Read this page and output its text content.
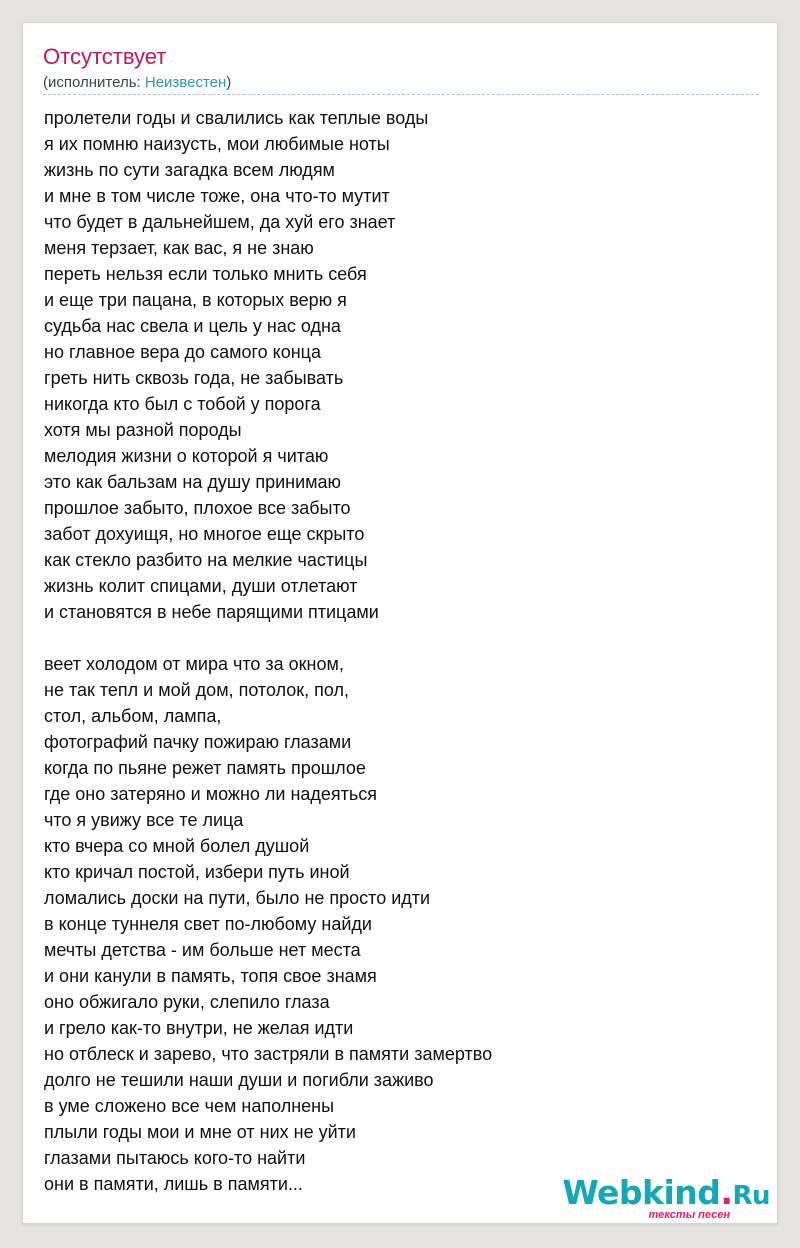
Отсутствует
(исполнитель: Неизвестен)
пролетели годы и свалились как теплые воды
я их помню наизусть, мои любимые ноты
жизнь по сути загадка всем людям
и мне в том числе тоже, она что-то мутит
что будет в дальнейшем, да хуй его знает
меня терзает, как вас, я не знаю
переть нельзя если только мнить себя
и еще три пацана, в которых верю я
судьба нас свела и цель у нас одна
но главное вера до самого конца
греть нить сквозь года, не забывать
никогда кто был с тобой у порога
хотя мы разной породы
мелодия жизни о которой я читаю
это как бальзам на душу принимаю
прошлое забыто, плохое все забыто
забот дохуищя, но многое еще скрыто
как стекло разбито на мелкие частицы
жизнь колит спицами, души отлетают
и становятся в небе парящими птицами
веет холодом от мира что за окном,
не так тепл и мой дом, потолок, пол,
стол, альбом, лампа,
фотографий пачку пожираю глазами
когда по пьяне режет память прошлое
где оно затеряно и можно ли надеяться
что я увижу все те лица
кто вчера со мной болел душой
кто кричал постой, избери путь иной
ломались доски на пути, было не просто идти
в конце туннеля свет по-любому найди
мечты детства - им больше нет места
и они канули в память, топя свое знамя
оно обжигало руки, слепило глаза
и грело как-то внутри, не желая идти
но отблеск и зарево, что застряли в памяти замертво
долго не тешили наши души и погибли заживо
в уме сложено все чем наполнены
плыли годы мои и мне от них не уйти
глазами пытаюсь кого-то найти
они в памяти, лишь в памяти...	Webkind.Ru
тексты песен
